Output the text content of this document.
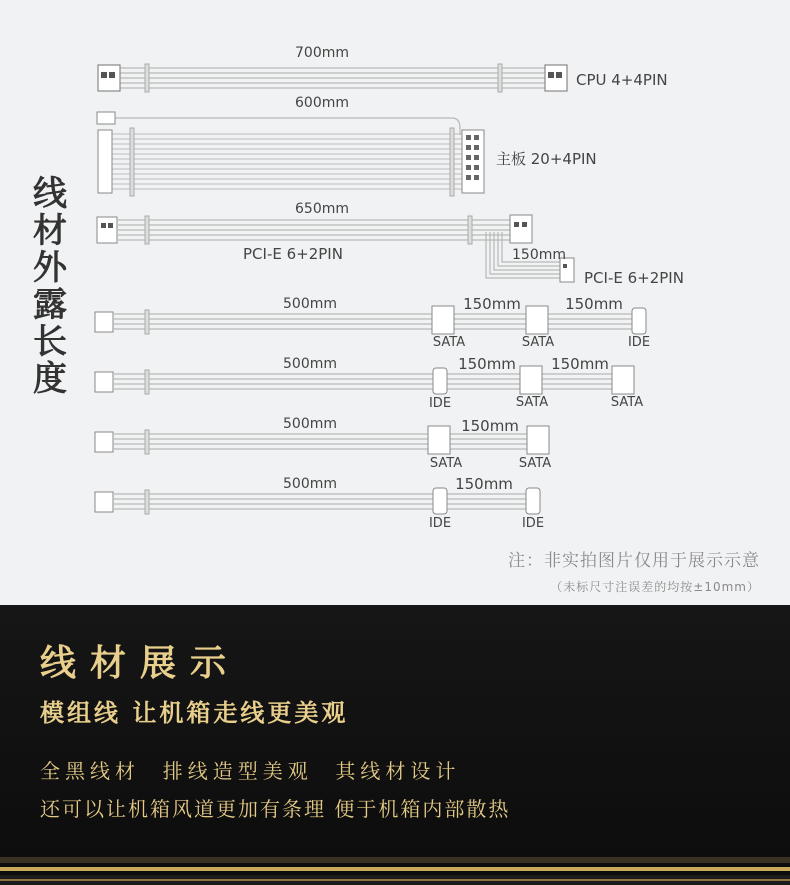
700mm
CPU 4+4PIN
600mm
主板 20+4PIN
650mm
PCI-E 6+2PIN	150mm
PCI-E 6+2PIN
500mm	150mm	150mm
SATA	SATA	IDE
500mm	150mm 150mm
IDE	SATA	SATA
500mm	150mm
SATA	SATA
500mm	150mm
IDE	IDE
线
材
外
露
长
度
注：非实拍图片仅用于展示示意
（未标尺寸注误差的均按±10mm）
线材展示
模组线 让机箱走线更美观
全黑线材  排线造型美观  其线材设计
还可以让机箱风道更加有条理 便于机箱内部散热
